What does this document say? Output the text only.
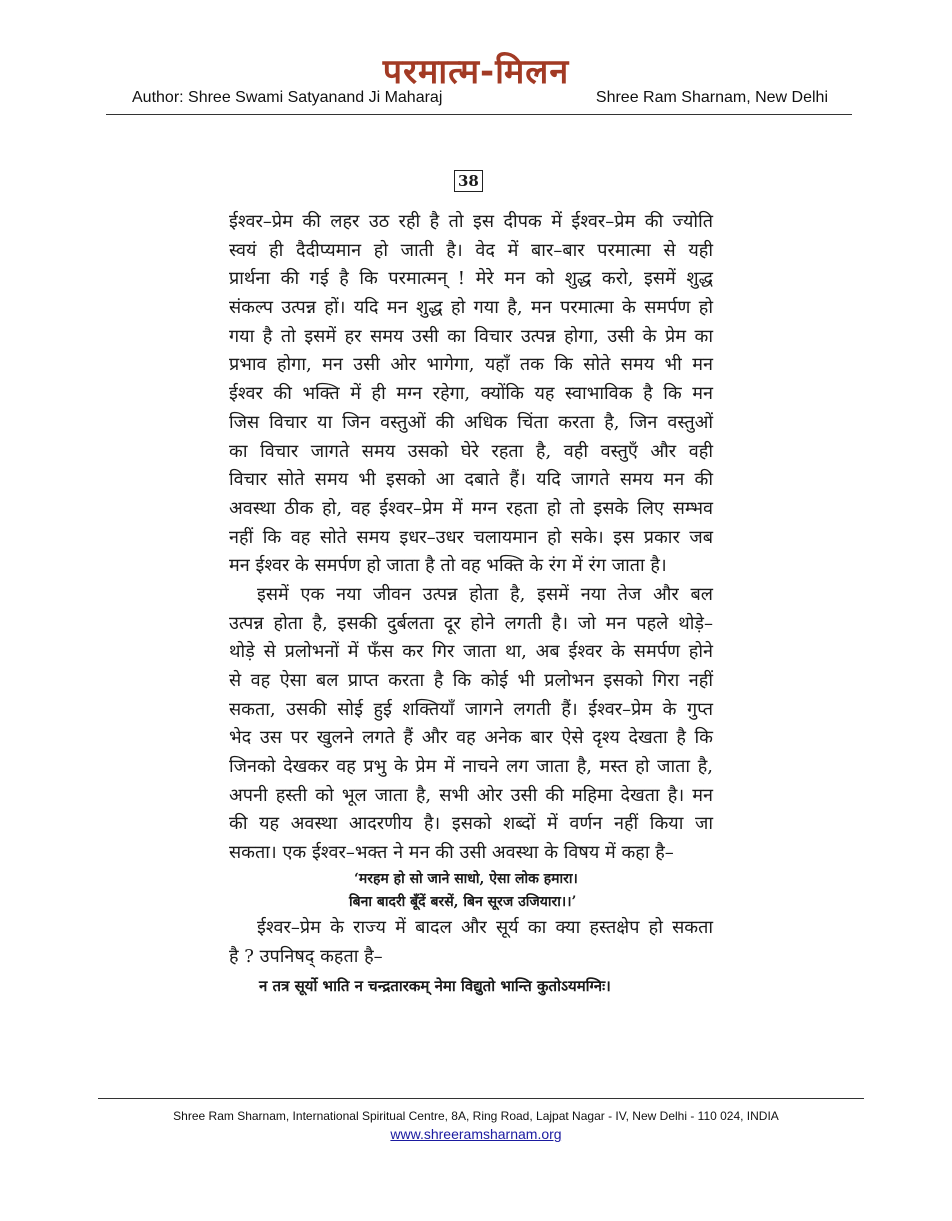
परमात्म-मिलन
Author: Shree Swami Satyanand Ji Maharaj	Shree Ram Sharnam, New Delhi
38
ईश्वर–प्रेम की लहर उठ रही है तो इस दीपक में ईश्वर–प्रेम की ज्योति
स्वयं ही दैदीप्यमान हो जाती है। वेद में बार–बार परमात्मा से यही
प्रार्थना की गई है कि परमात्मन् ! मेरे मन को शुद्ध करो, इसमें शुद्ध
संकल्प उत्पन्न हों। यदि मन शुद्ध हो गया है, मन परमात्मा के समर्पण हो
गया है तो इसमें हर समय उसी का विचार उत्पन्न होगा, उसी के प्रेम का
प्रभाव होगा, मन उसी ओर भागेगा, यहाँ तक कि सोते समय भी मन
ईश्वर की भक्ति में ही मग्न रहेगा, क्योंकि यह स्वाभाविक है कि मन
जिस विचार या जिन वस्तुओं की अधिक चिंता करता है, जिन वस्तुओं
का विचार जागते समय उसको घेरे रहता है, वही वस्तुएँ और वही
विचार सोते समय भी इसको आ दबाते हैं। यदि जागते समय मन की
अवस्था ठीक हो, वह ईश्वर–प्रेम में मग्न रहता हो तो इसके लिए सम्भव
नहीं कि वह सोते समय इधर–उधर चलायमान हो सके। इस प्रकार जब
मन ईश्वर के समर्पण हो जाता है तो वह भक्ति के रंग में रंग जाता है।
इसमें एक नया जीवन उत्पन्न होता है, इसमें नया तेज और बल
उत्पन्न होता है, इसकी दुर्बलता दूर होने लगती है। जो मन पहले थोड़े–
थोड़े से प्रलोभनों में फँस कर गिर जाता था, अब ईश्वर के समर्पण होने
से वह ऐसा बल प्राप्त करता है कि कोई भी प्रलोभन इसको गिरा नहीं
सकता, उसकी सोई हुई शक्तियाँ जागने लगती हैं। ईश्वर–प्रेम के गुप्त
भेद उस पर खुलने लगते हैं और वह अनेक बार ऐसे दृश्य देखता है कि
जिनको देखकर वह प्रभु के प्रेम में नाचने लग जाता है, मस्त हो जाता है,
अपनी हस्ती को भूल जाता है, सभी ओर उसी की महिमा देखता है। मन
की यह अवस्था आदरणीय है। इसको शब्दों में वर्णन नहीं किया जा
सकता। एक ईश्वर–भक्त ने मन की उसी अवस्था के विषय में कहा है–
‘मरहम हो सो जाने साधो, ऐसा लोक हमारा।
बिना बादरी बूँदें बरसें, बिन सूरज उजियारा।।’
ईश्वर–प्रेम के राज्य में बादल और सूर्य का क्या हस्तक्षेप हो सकता
है ? उपनिषद् कहता है–
न तत्र सूर्यो भाति न चन्द्रतारकम् नेमा विद्युतो भान्ति कुतोऽयमग्निः।
Shree Ram Sharnam, International Spiritual Centre, 8A, Ring Road, Lajpat Nagar - IV, New Delhi - 110 024, INDIA
www.shreeramsharnam.org
